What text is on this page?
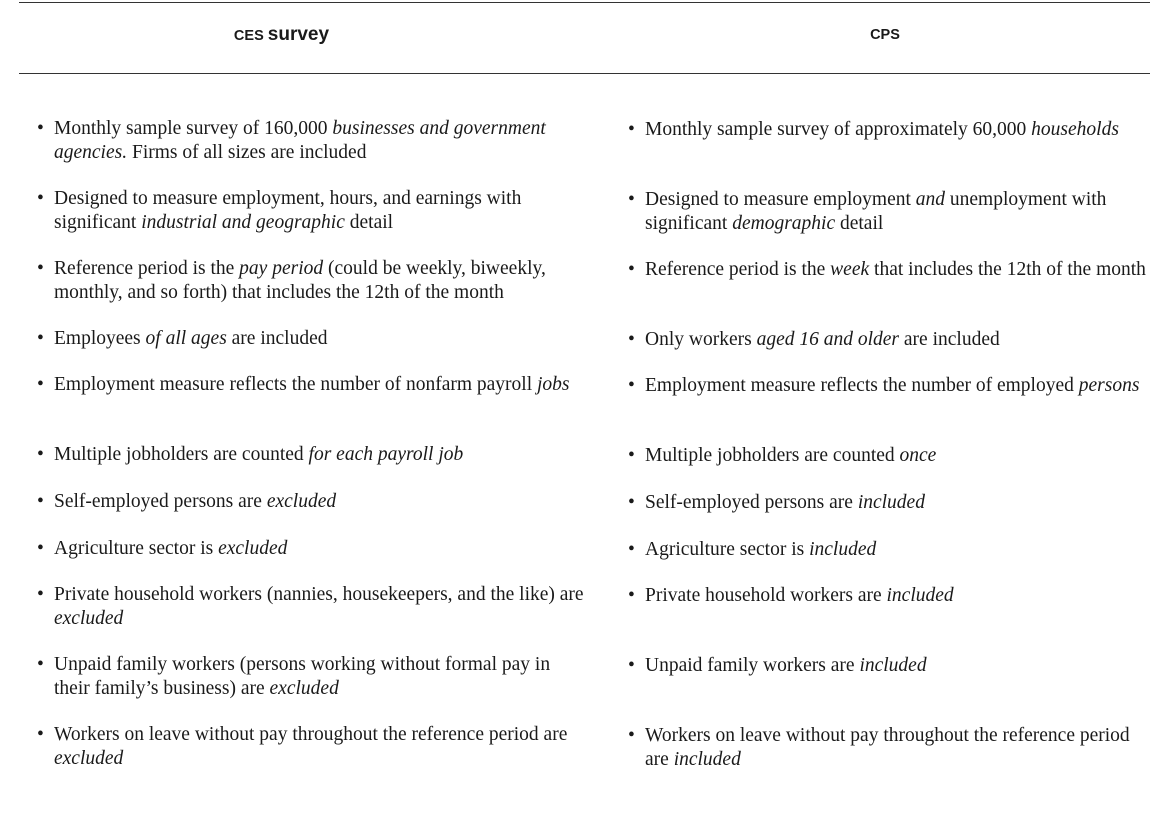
CES survey	CPS
• Monthly sample survey of 160,000 businesses and government agencies. Firms of all sizes are included
• Designed to measure employment, hours, and earnings with significant industrial and geographic detail
• Reference period is the pay period (could be weekly, biweekly, monthly, and so forth) that includes the 12th of the month
• Employees of all ages are included
• Employment measure reflects the number of nonfarm payroll jobs
• Multiple jobholders are counted for each payroll job
• Self-employed persons are excluded
• Agriculture sector is excluded
• Private household workers (nannies, housekeepers, and the like) are excluded
• Unpaid family workers (persons working without formal pay in their family’s business) are excluded
• Workers on leave without pay throughout the reference period are excluded
• Monthly sample survey of approximately 60,000 households
• Designed to measure employment and unemployment with significant demographic detail
• Reference period is the week that includes the 12th of the month
• Only workers aged 16 and older are included
• Employment measure reflects the number of employed persons
• Multiple jobholders are counted once
• Self-employed persons are included
• Agriculture sector is included
• Private household workers are included
• Unpaid family workers are included
• Workers on leave without pay throughout the reference period are included
